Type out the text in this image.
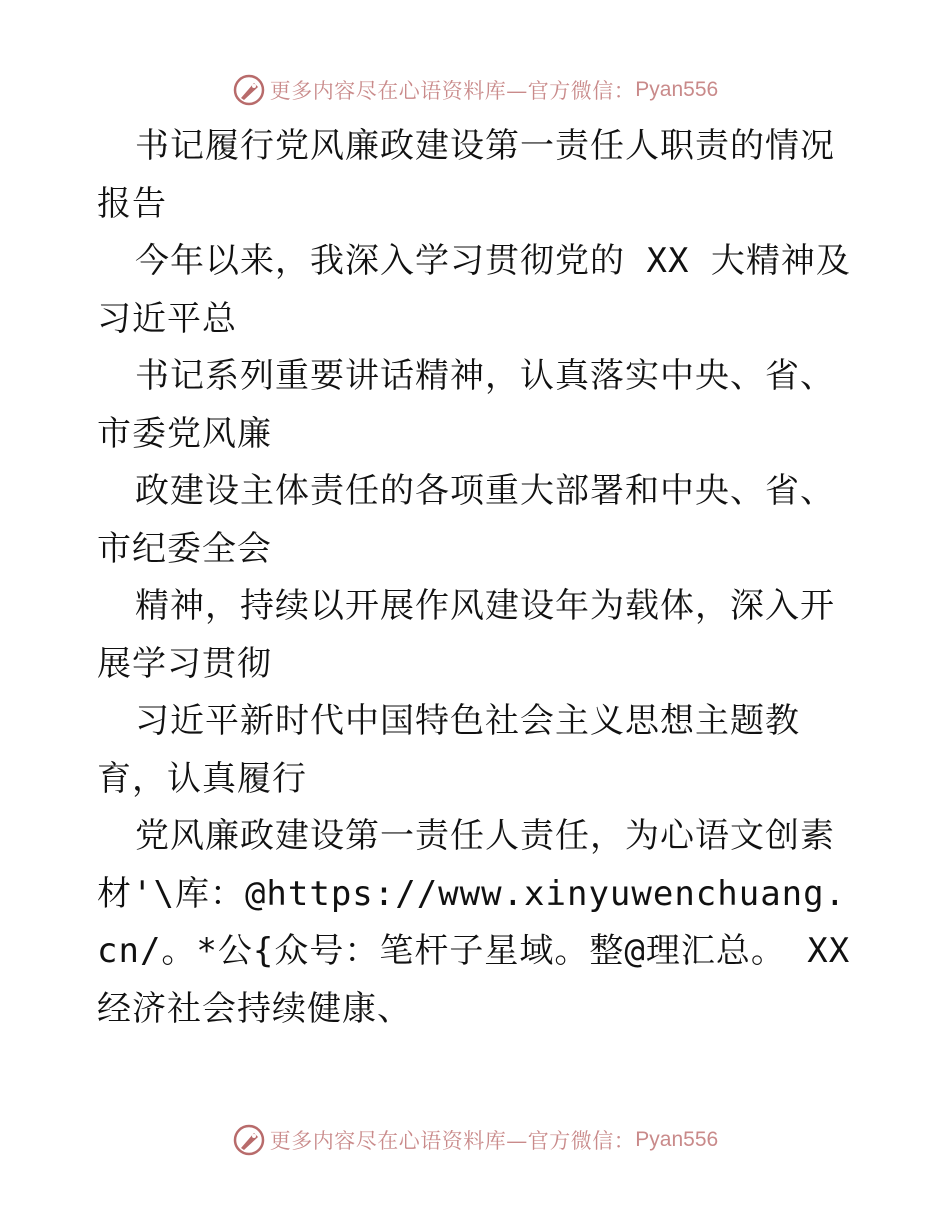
更多内容尽在心语资料库— 官方微信： Pyan556

书记履行党风廉政建设第一责任人职责的情况报告

今年以来，我深入学习贯彻党的 XX 大精神及习近平总

书记系列重要讲话精神，认真落实中央、省、市委党风廉

政建设主体责任的各项重大部署和中央、省、市纪委全会

精神，持续以开展作风建设年为载体，深入开展学习贯彻

习近平新时代中国特色社会主义思想主题教育，认真履行

党风廉政建设第一责任人责任，为心语文创素材'\库：@https://www.xinyuwenchuang.cn/。*公{众号：笔杆子星域。整@理汇总。 XX 经济社会持续健康、

更多内容尽在心语资料库— 官方微信： Pyan556
